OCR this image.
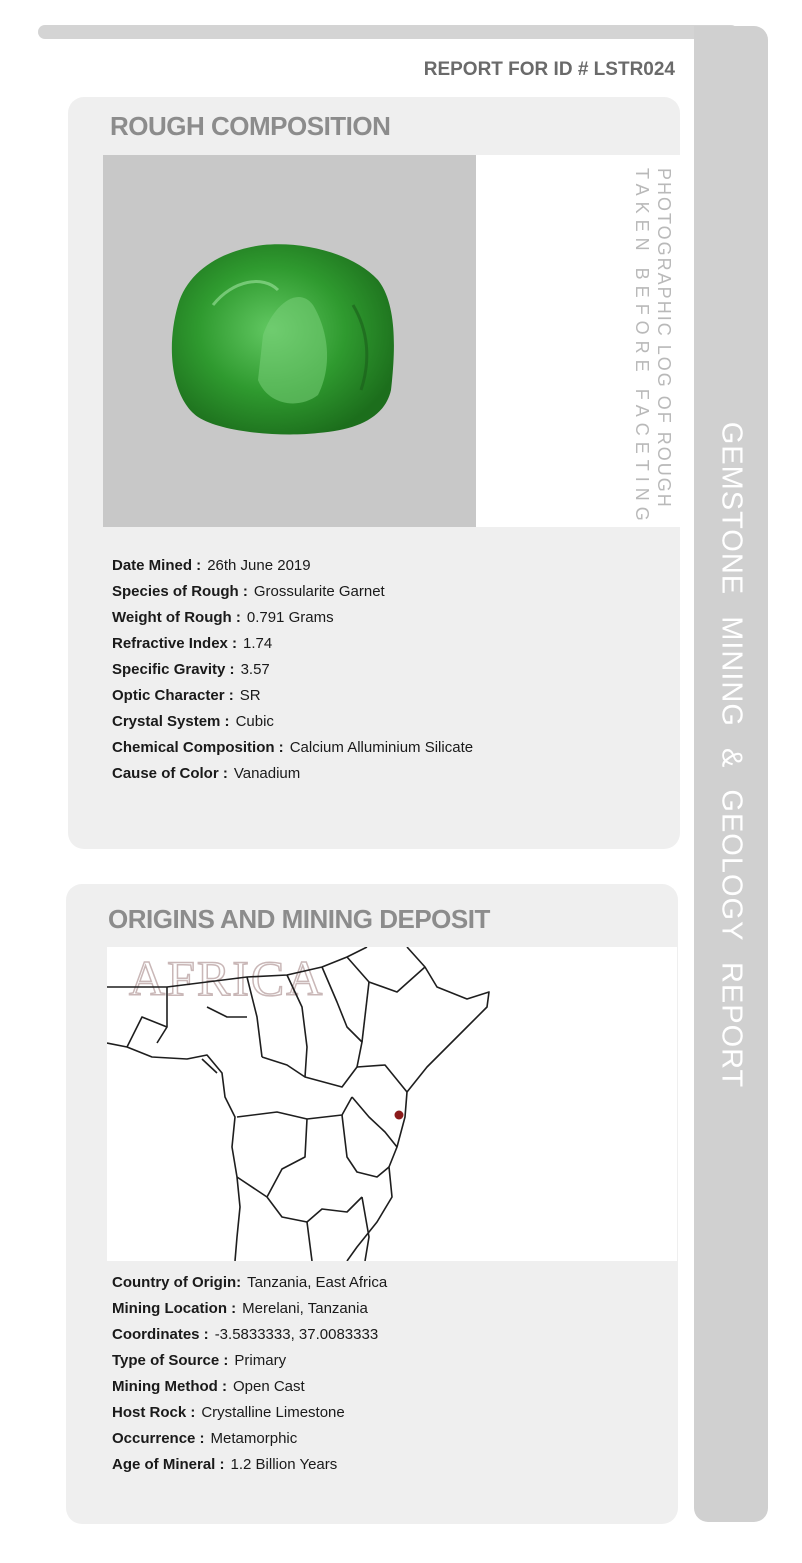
GEMSTONE MINING & GEOLOGY REPORT
REPORT FOR ID # LSTR024
ROUGH COMPOSITION
PHOTOGRAPHIC LOG OF ROUGH
TAKEN BEFORE FACETING
Date Mined : 26th June 2019
Species of Rough : Grossularite Garnet
Weight of Rough : 0.791 Grams
Refractive Index : 1.74
Specific Gravity : 3.57
Optic Character : SR
Crystal System : Cubic
Chemical Composition : Calcium Alluminium Silicate
Cause of Color : Vanadium
ORIGINS AND MINING DEPOSIT
AFRICA
Country of Origin: Tanzania, East Africa
Mining Location : Merelani, Tanzania
Coordinates : -3.5833333, 37.0083333
Type of Source : Primary
Mining Method : Open Cast
Host Rock : Crystalline Limestone
Occurrence : Metamorphic
Age of Mineral : 1.2 Billion Years
